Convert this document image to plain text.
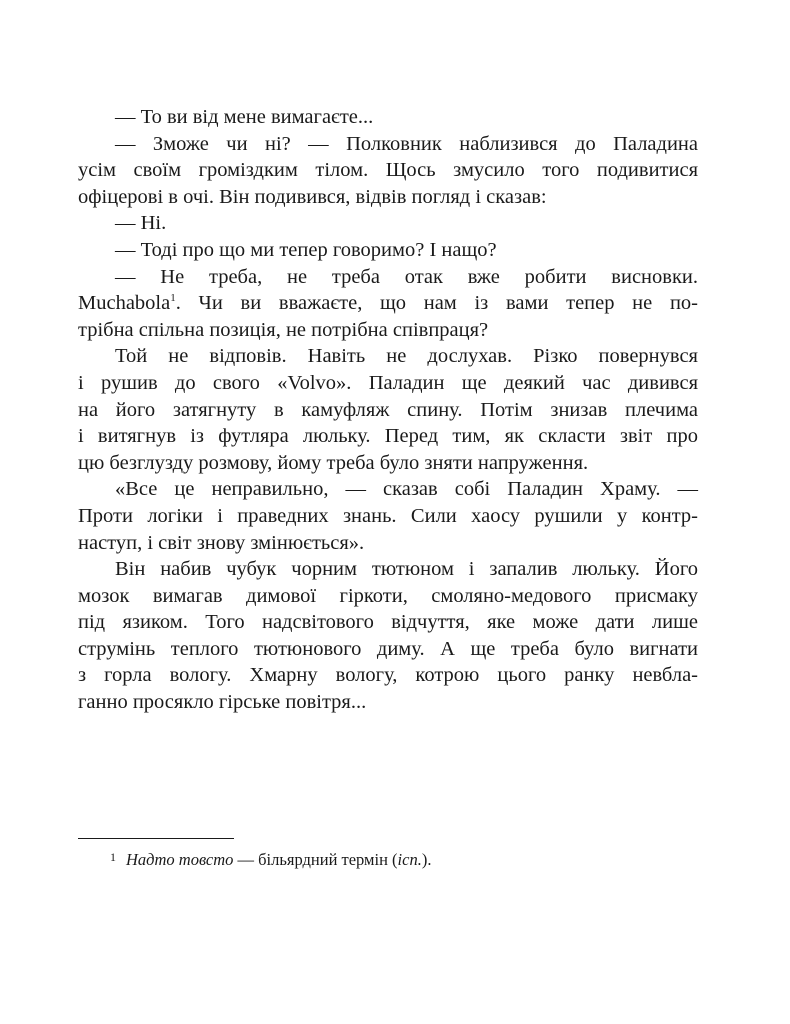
— То ви від мене вимагаєте...
— Зможе чи ні? — Полковник наблизився до Паладина
усім своїм громіздким тілом. Щось змусило того подивитися
офіцерові в очі. Він подивився, відвів погляд і сказав:
— Ні.
— Тоді про що ми тепер говоримо? І нащо?
— Не треба, не треба отак вже робити висновки.
Muchabola$^1$. Чи ви вважаєте, що нам із вами тепер не по-
трібна спільна позиція, не потрібна співпраця?
Той не відповів. Навіть не дослухав. Різко повернувся
і рушив до свого «Volvo». Паладин ще деякий час дивився
на його затягнуту в камуфляж спину. Потім знизав плечима
і витягнув із футляра люльку. Перед тим, як скласти звіт про
цю безглузду розмову, йому треба було зняти напруження.
«Все це неправильно, — сказав собі Паладин Храму. —
Проти логіки і праведних знань. Сили хаосу рушили у контр-
наступ, і світ знову змінюється».
Він набив чубук чорним тютюном і запалив люльку. Його
мозок вимагав димової гіркоти, смоляно-медового присмаку
під язиком. Того надсвітового відчуття, яке може дати лише
струмінь теплого тютюнового диму. А ще треба було вигнати
з горла вологу. Хмарну вологу, котрою цього ранку невбла-
ганно просякло гірське повітря...
$^1$ Надто товсто — більярдний термін (ісп.).
